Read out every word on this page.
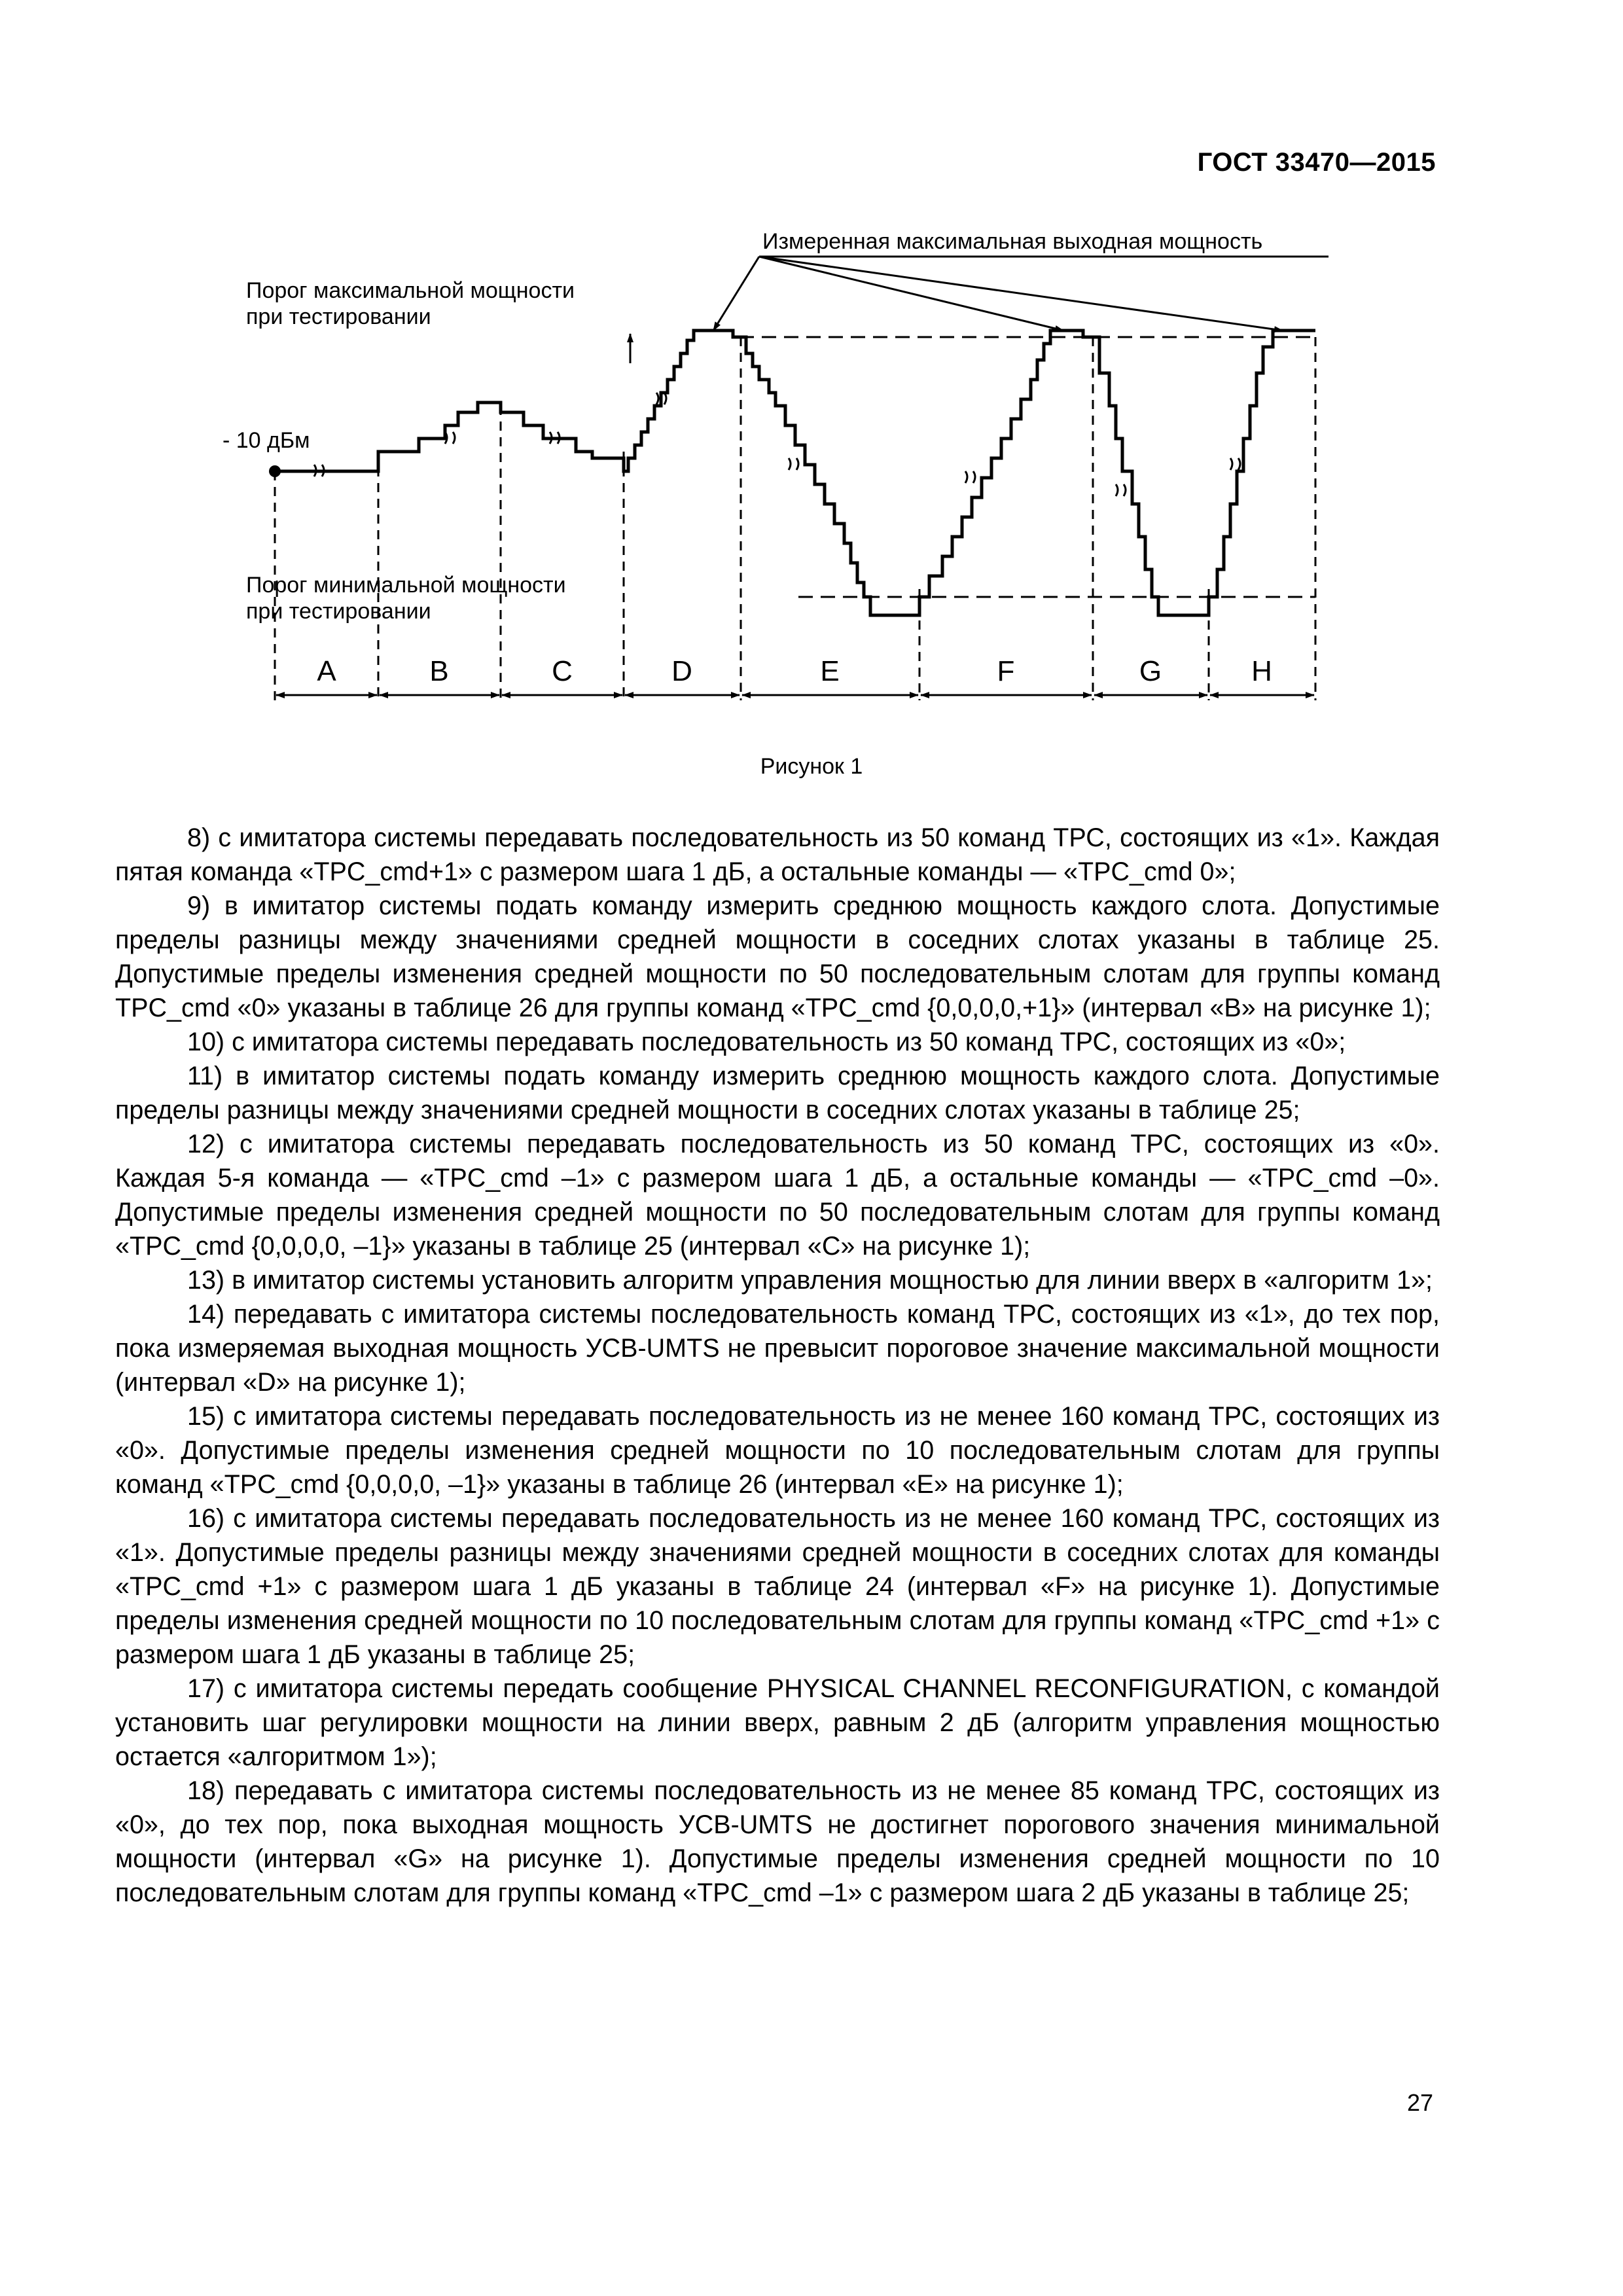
ГОСТ 33470—2015
Измеренная максимальная выходная мощность
Порог максимальной мощности
при тестировании
- 10 дБм
Порог минимальной мощности
при тестировании
A	B	C	D	E	F	G	H
Рисунок 1

8) с имитатора системы передавать последовательность из 50 команд ТРС, состоящих из «1». Каждая пятая команда «TPC_cmd+1» с размером шага 1 дБ, а остальные команды — «TPC_cmd 0»;

9) в имитатор системы подать команду измерить среднюю мощность каждого слота. Допустимые пределы разницы между значениями средней мощности в соседних слотах указаны в таблице 25. Допустимые пределы изменения средней мощности по 50 последовательным слотам для группы команд TPC_cmd «0» указаны в таблице 26 для группы команд «TPC_cmd {0,0,0,0,+1}» (интервал «В» на рисунке 1);

10) с имитатора системы передавать последовательность из 50 команд ТРС, состоящих из «0»;

11) в имитатор системы подать команду измерить среднюю мощность каждого слота. Допустимые пределы разницы между значениями средней мощности в соседних слотах указаны в таблице 25;

12) с имитатора системы передавать последовательность из 50 команд ТРС, состоящих из «0». Каждая 5-я команда — «TPC_cmd –1» с размером шага 1 дБ, а остальные команды — «TPC_cmd –0». Допустимые пределы изменения средней мощности по 50 последовательным слотам для группы команд «TPC_cmd {0,0,0,0, –1}» указаны в таблице 25 (интервал «С» на рисунке 1);

13) в имитатор системы установить алгоритм управления мощностью для линии вверх в «алгоритм 1»;

14) передавать с имитатора системы последовательность команд ТРС, состоящих из «1», до тех пор, пока измеряемая выходная мощность УСВ-UMTS не превысит пороговое значение максимальной мощности (интервал «D» на рисунке 1);

15) с имитатора системы передавать последовательность из не менее 160 команд ТРС, состоящих из «0». Допустимые пределы изменения средней мощности по 10 последовательным слотам для группы команд «TPC_cmd {0,0,0,0, –1}» указаны в таблице 26 (интервал «Е» на рисунке 1);

16) с имитатора системы передавать последовательность из не менее 160 команд ТРС, состоящих из «1». Допустимые пределы разницы между значениями средней мощности в соседних слотах для команды «TPC_cmd +1» с размером шага 1 дБ указаны в таблице 24 (интервал «F» на рисунке 1). Допустимые пределы изменения средней мощности по 10 последовательным слотам для группы команд «TPC_cmd +1» с размером шага 1 дБ указаны в таблице 25;

17) с имитатора системы передать сообщение PHYSICAL CHANNEL RECONFIGURATION, с командой установить шаг регулировки мощности на линии вверх, равным 2 дБ (алгоритм управления мощностью остается «алгоритмом 1»);

18) передавать с имитатора системы последовательность из не менее 85 команд ТРС, состоящих из «0», до тех пор, пока выходная мощность УСВ-UMTS не достигнет порогового значения минимальной мощности (интервал «G» на рисунке 1). Допустимые пределы изменения средней мощности по 10 последовательным слотам для группы команд «TPC_cmd –1» с размером шага 2 дБ указаны в таблице 25;

27
